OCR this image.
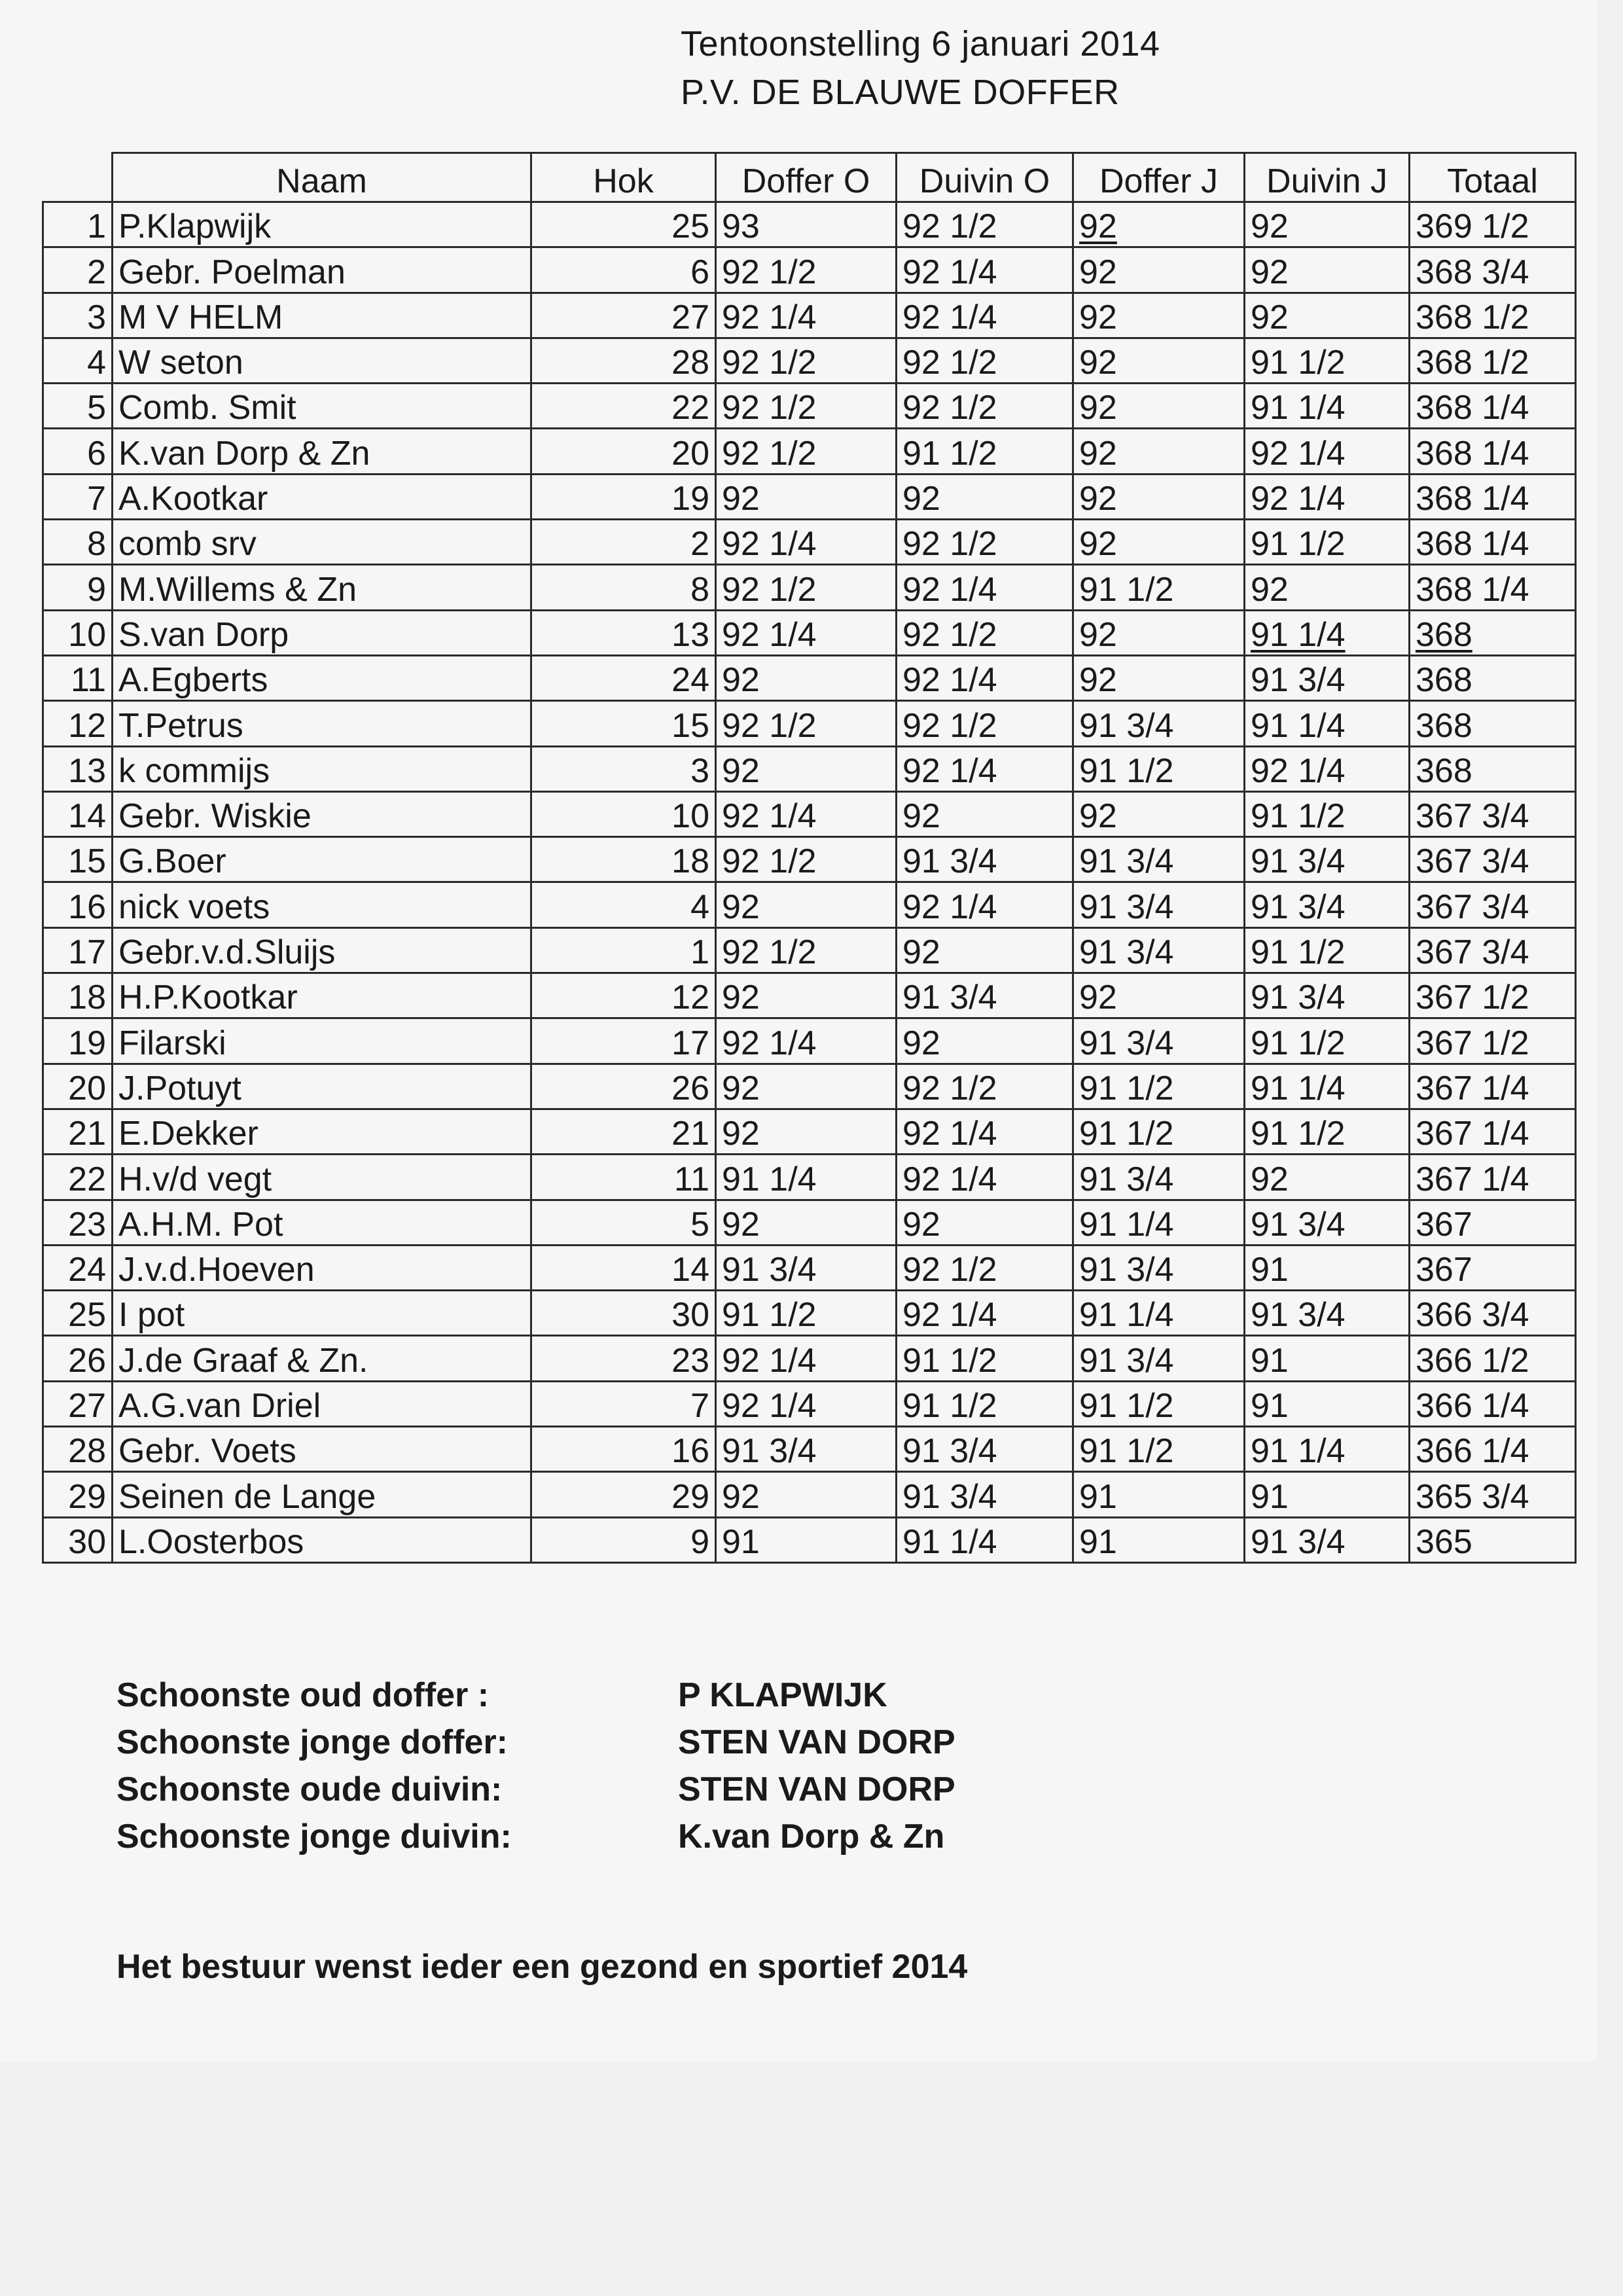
Tentoonstelling 6 januari 2014
P.V. DE BLAUWE DOFFER
	Naam	Hok	Doffer O	Duivin O	Doffer J	Duivin J	Totaal
1	P.Klapwijk	25	93	92 1/2	92	92	369 1/2
2	Gebr. Poelman	6	92 1/2	92 1/4	92	92	368 3/4
3	M V HELM	27	92 1/4	92 1/4	92	92	368 1/2
4	W seton	28	92 1/2	92 1/2	92	91 1/2	368 1/2
5	Comb. Smit	22	92 1/2	92 1/2	92	91 1/4	368 1/4
6	K.van Dorp & Zn	20	92 1/2	91 1/2	92	92 1/4	368 1/4
7	A.Kootkar	19	92	92	92	92 1/4	368 1/4
8	comb srv	2	92 1/4	92 1/2	92	91 1/2	368 1/4
9	M.Willems & Zn	8	92 1/2	92 1/4	91 1/2	92	368 1/4
10	S.van Dorp	13	92 1/4	92 1/2	92	91 1/4	368
11	A.Egberts	24	92	92 1/4	92	91 3/4	368
12	T.Petrus	15	92 1/2	92 1/2	91 3/4	91 1/4	368
13	k commijs	3	92	92 1/4	91 1/2	92 1/4	368
14	Gebr. Wiskie	10	92 1/4	92	92	91 1/2	367 3/4
15	G.Boer	18	92 1/2	91 3/4	91 3/4	91 3/4	367 3/4
16	nick voets	4	92	92 1/4	91 3/4	91 3/4	367 3/4
17	Gebr.v.d.Sluijs	1	92 1/2	92	91 3/4	91 1/2	367 3/4
18	H.P.Kootkar	12	92	91 3/4	92	91 3/4	367 1/2
19	Filarski	17	92 1/4	92	91 3/4	91 1/2	367 1/2
20	J.Potuyt	26	92	92 1/2	91 1/2	91 1/4	367 1/4
21	E.Dekker	21	92	92 1/4	91 1/2	91 1/2	367 1/4
22	H.v/d vegt	11	91 1/4	92 1/4	91 3/4	92	367 1/4
23	A.H.M. Pot	5	92	92	91 1/4	91 3/4	367
24	J.v.d.Hoeven	14	91 3/4	92 1/2	91 3/4	91	367
25	I pot	30	91 1/2	92 1/4	91 1/4	91 3/4	366 3/4
26	J.de Graaf & Zn.	23	92 1/4	91 1/2	91 3/4	91	366 1/2
27	A.G.van Driel	7	92 1/4	91 1/2	91 1/2	91	366 1/4
28	Gebr. Voets	16	91 3/4	91 3/4	91 1/2	91 1/4	366 1/4
29	Seinen de Lange	29	92	91 3/4	91	91	365 3/4
30	L.Oosterbos	9	91	91 1/4	91	91 3/4	365
Schoonste oud doffer :	P KLAPWIJK
Schoonste jonge doffer:	STEN VAN DORP
Schoonste oude duivin:	STEN VAN DORP
Schoonste jonge duivin:	K.van Dorp & Zn
Het bestuur wenst ieder een gezond en sportief 2014
